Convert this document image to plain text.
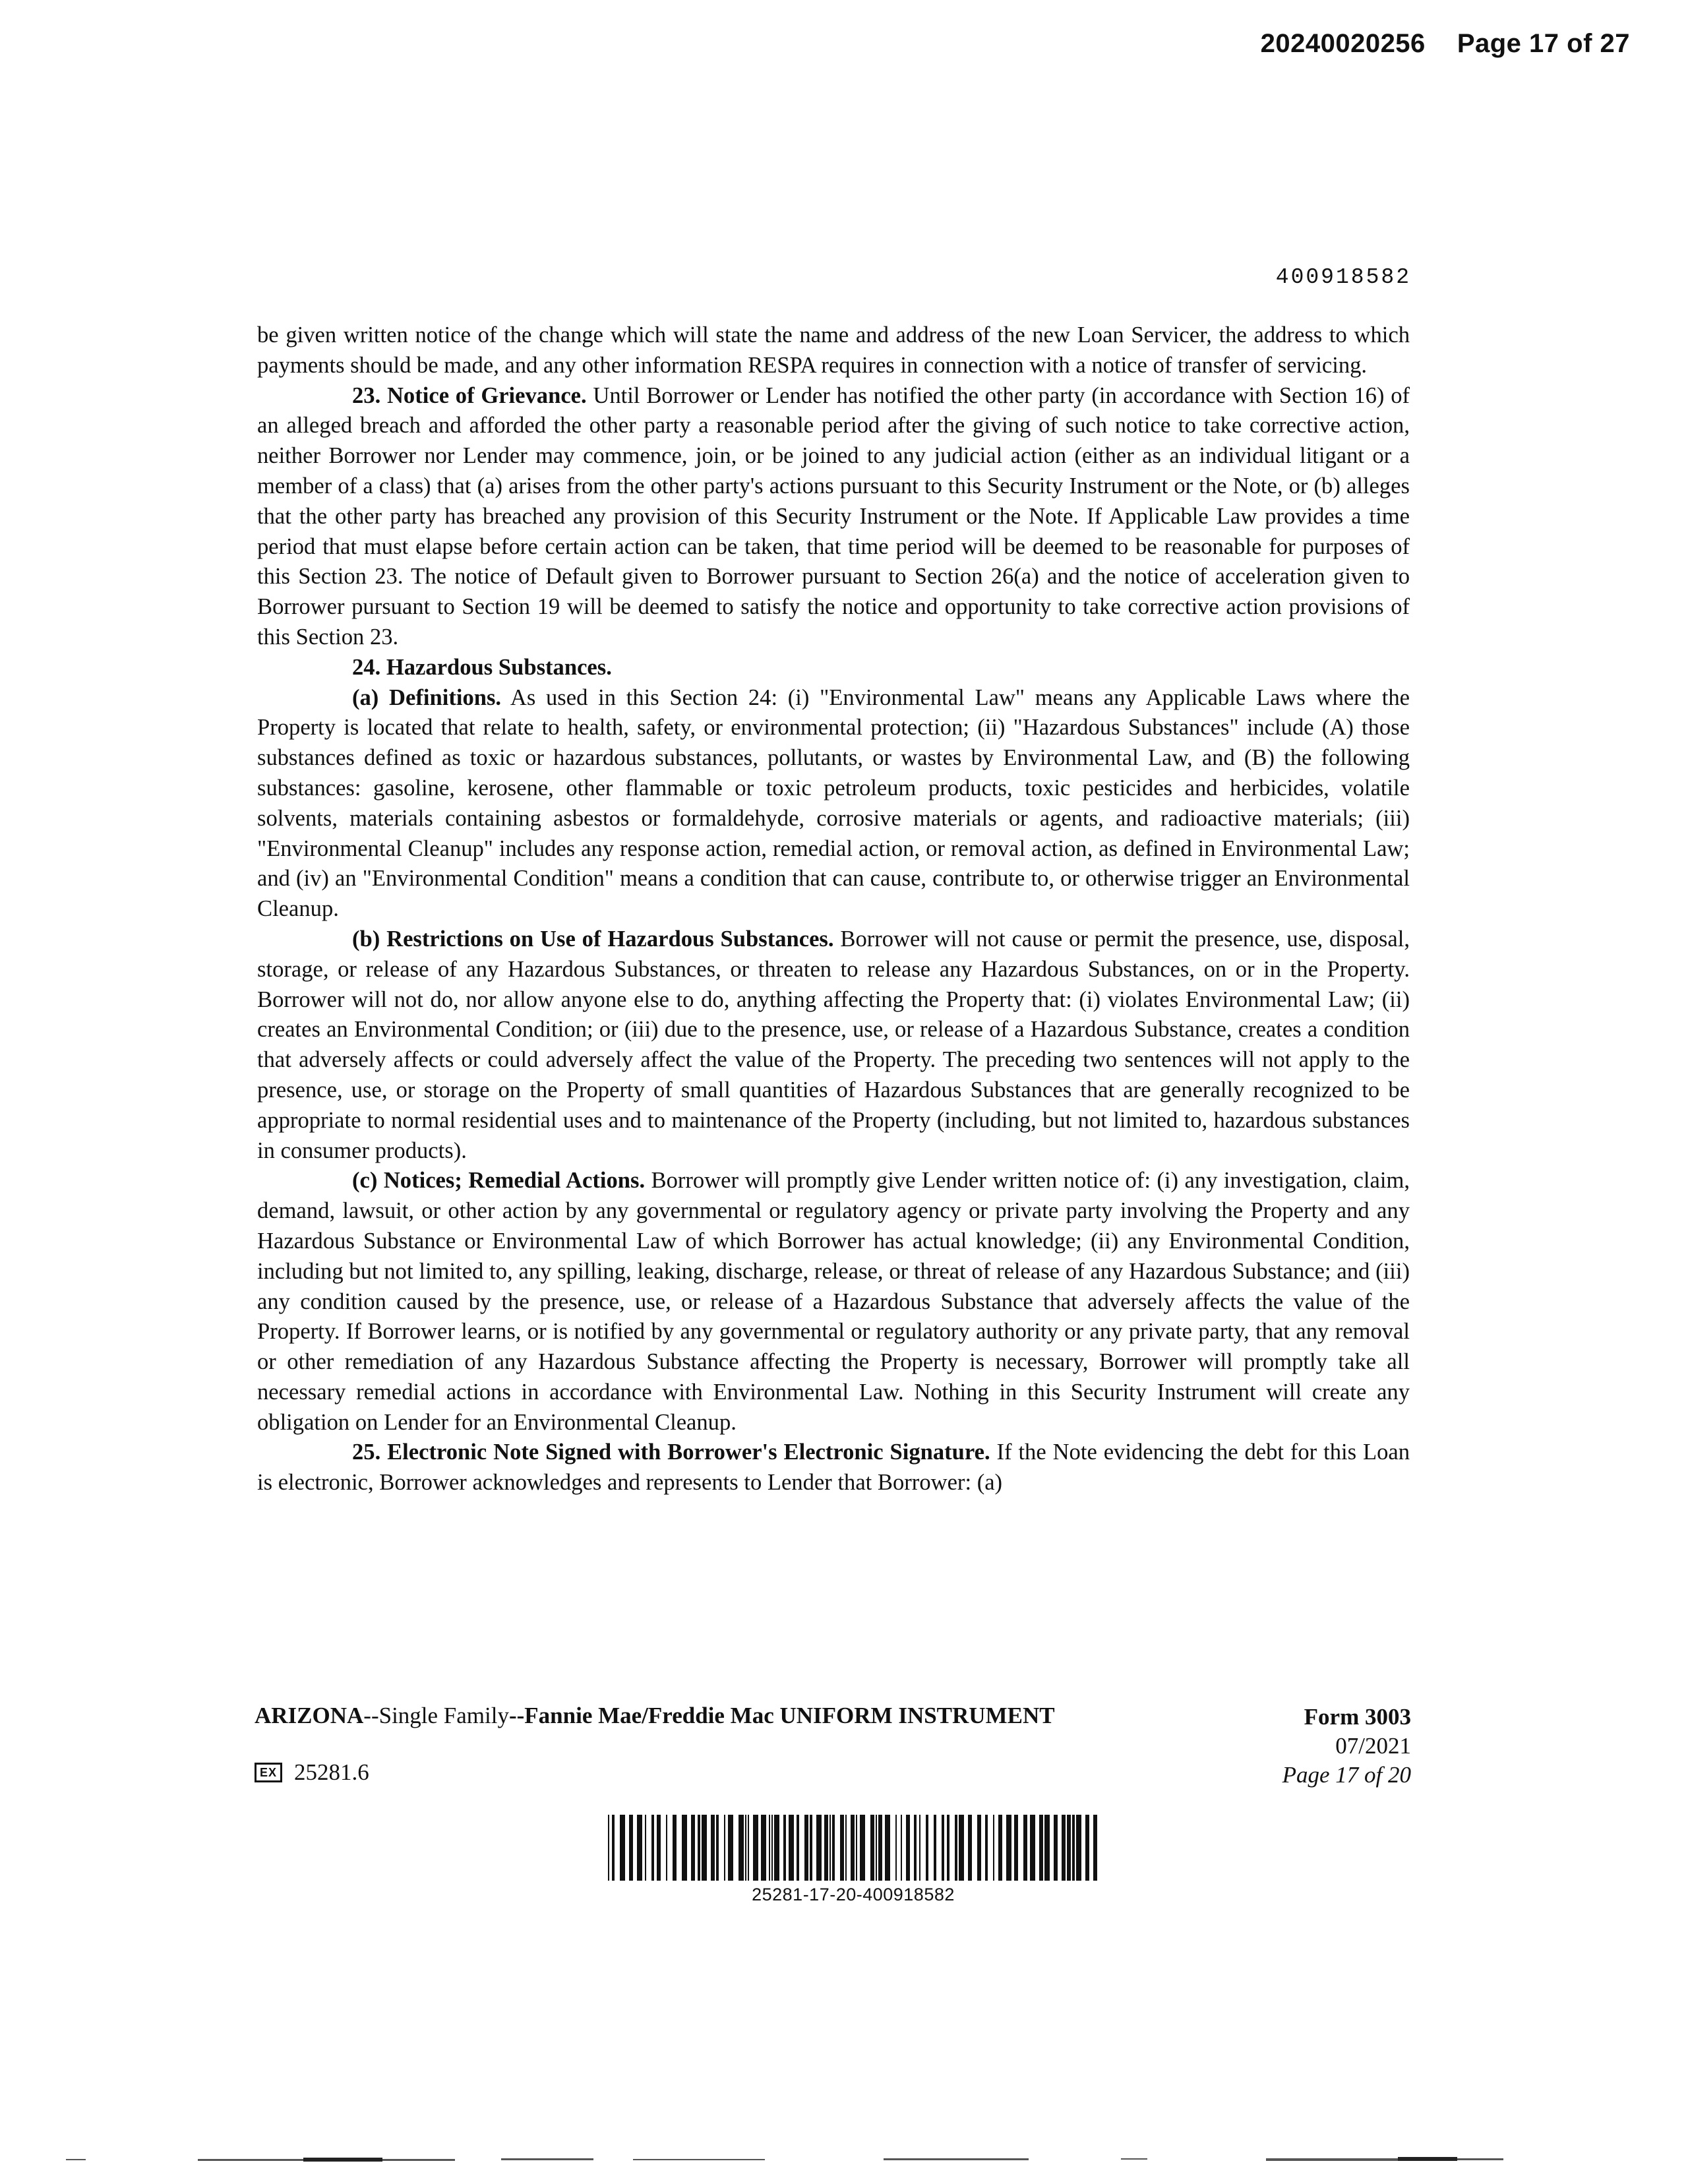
20240020256 Page 17 of 27
400918582

be given written notice of the change which will state the name and address of the new Loan Servicer, the address to which payments should be made, and any other information RESPA requires in connection with a notice of transfer of servicing.

23. Notice of Grievance. Until Borrower or Lender has notified the other party (in accordance with Section 16) of an alleged breach and afforded the other party a reasonable period after the giving of such notice to take corrective action, neither Borrower nor Lender may commence, join, or be joined to any judicial action (either as an individual litigant or a member of a class) that (a) arises from the other party's actions pursuant to this Security Instrument or the Note, or (b) alleges that the other party has breached any provision of this Security Instrument or the Note. If Applicable Law provides a time period that must elapse before certain action can be taken, that time period will be deemed to be reasonable for purposes of this Section 23. The notice of Default given to Borrower pursuant to Section 26(a) and the notice of acceleration given to Borrower pursuant to Section 19 will be deemed to satisfy the notice and opportunity to take corrective action provisions of this Section 23.

24. Hazardous Substances.

(a) Definitions. As used in this Section 24: (i) "Environmental Law" means any Applicable Laws where the Property is located that relate to health, safety, or environmental protection; (ii) "Hazardous Substances" include (A) those substances defined as toxic or hazardous substances, pollutants, or wastes by Environmental Law, and (B) the following substances: gasoline, kerosene, other flammable or toxic petroleum products, toxic pesticides and herbicides, volatile solvents, materials containing asbestos or formaldehyde, corrosive materials or agents, and radioactive materials; (iii) "Environmental Cleanup" includes any response action, remedial action, or removal action, as defined in Environmental Law; and (iv) an "Environmental Condition" means a condition that can cause, contribute to, or otherwise trigger an Environmental Cleanup.

(b) Restrictions on Use of Hazardous Substances. Borrower will not cause or permit the presence, use, disposal, storage, or release of any Hazardous Substances, or threaten to release any Hazardous Substances, on or in the Property. Borrower will not do, nor allow anyone else to do, anything affecting the Property that: (i) violates Environmental Law; (ii) creates an Environmental Condition; or (iii) due to the presence, use, or release of a Hazardous Substance, creates a condition that adversely affects or could adversely affect the value of the Property. The preceding two sentences will not apply to the presence, use, or storage on the Property of small quantities of Hazardous Substances that are generally recognized to be appropriate to normal residential uses and to maintenance of the Property (including, but not limited to, hazardous substances in consumer products).

(c) Notices; Remedial Actions. Borrower will promptly give Lender written notice of: (i) any investigation, claim, demand, lawsuit, or other action by any governmental or regulatory agency or private party involving the Property and any Hazardous Substance or Environmental Law of which Borrower has actual knowledge; (ii) any Environmental Condition, including but not limited to, any spilling, leaking, discharge, release, or threat of release of any Hazardous Substance; and (iii) any condition caused by the presence, use, or release of a Hazardous Substance that adversely affects the value of the Property. If Borrower learns, or is notified by any governmental or regulatory authority or any private party, that any removal or other remediation of any Hazardous Substance affecting the Property is necessary, Borrower will promptly take all necessary remedial actions in accordance with Environmental Law. Nothing in this Security Instrument will create any obligation on Lender for an Environmental Cleanup.

25. Electronic Note Signed with Borrower's Electronic Signature. If the Note evidencing the debt for this Loan is electronic, Borrower acknowledges and represents to Lender that Borrower: (a)

ARIZONA--Single Family--Fannie Mae/Freddie Mac UNIFORM INSTRUMENT	Form 3003
07/2021
Page 17 of 20
EX 25281.6
25281-17-20-400918582
